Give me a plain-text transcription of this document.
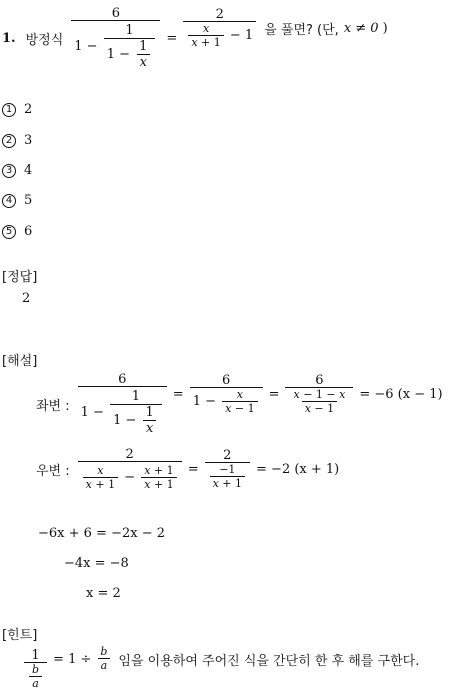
1. 방정식 $\frac{6}{1 - \frac{1}{1 - \frac{1}{x}}} = \frac{2}{\frac{x}{x + 1} - 1}$ 을 풀면? (단, x ≠ 0 )
1 2
2 3
3 4
4 5
5 6
[정답]
2
[해설]
좌변 : $\frac{6}{1 - \frac{1}{1 - \frac{1}{x}}} = \frac{6}{1 - \frac{x}{x - 1}} = \frac{6}{\frac{x - 1 - x}{x - 1}} = -6$ (x − 1)
우변 : $\frac{2}{\frac{x}{x + 1} - \frac{x + 1}{x + 1}} = \frac{2}{\frac{-1}{x + 1}} = -2$ (x + 1)
−6x + 6 = −2x − 2
−4x = −8
x = 2
[힌트]
$\frac{1}{\frac{b}{a}} = 1 \div \frac{b}{a}$ 임을 이용하여 주어진 식을 간단히 한 후 해를 구한다.
